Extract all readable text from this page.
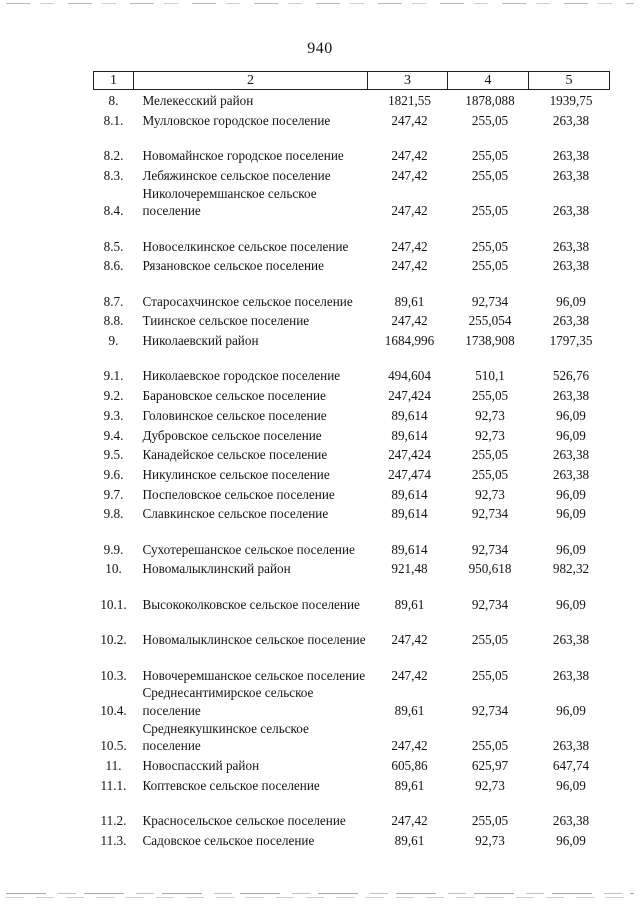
940
1	2	3	4	5
8.	Мелекесский район	1821,55	1878,088	1939,75
8.1.	Мулловское городское поселение	247,42	255,05	263,38
8.2.	Новомайнское городское поселение	247,42	255,05	263,38
8.3.	Лебяжинское сельское поселение	247,42	255,05	263,38
8.4.	Николочеремшанское сельское поселение	247,42	255,05	263,38
8.5.	Новоселкинское сельское поселение	247,42	255,05	263,38
8.6.	Рязановское сельское поселение	247,42	255,05	263,38
8.7.	Старосахчинское сельское поселение	89,61	92,734	96,09
8.8.	Тиинское сельское поселение	247,42	255,054	263,38
9.	Николаевский район	1684,996	1738,908	1797,35
9.1.	Николаевское городское поселение	494,604	510,1	526,76
9.2.	Барановское сельское поселение	247,424	255,05	263,38
9.3.	Головинское сельское поселение	89,614	92,73	96,09
9.4.	Дубровское сельское поселение	89,614	92,73	96,09
9.5.	Канадейское сельское поселение	247,424	255,05	263,38
9.6.	Никулинское сельское поселение	247,474	255,05	263,38
9.7.	Поспеловское сельское поселение	89,614	92,73	96,09
9.8.	Славкинское сельское поселение	89,614	92,734	96,09
9.9.	Сухотерешанское сельское поселение	89,614	92,734	96,09
10.	Новомалыклинский район	921,48	950,618	982,32
10.1.	Высококолковское сельское поселение	89,61	92,734	96,09
10.2.	Новомалыклинское сельское поселение	247,42	255,05	263,38
10.3.	Новочеремшанское сельское поселение	247,42	255,05	263,38
10.4.	Среднесантимирское сельское поселение	89,61	92,734	96,09
10.5.	Среднеякушкинское сельское поселение	247,42	255,05	263,38
11.	Новоспасский район	605,86	625,97	647,74
11.1.	Коптевское сельское поселение	89,61	92,73	96,09
11.2.	Красносельское сельское поселение	247,42	255,05	263,38
11.3.	Садовское сельское поселение	89,61	92,73	96,09
